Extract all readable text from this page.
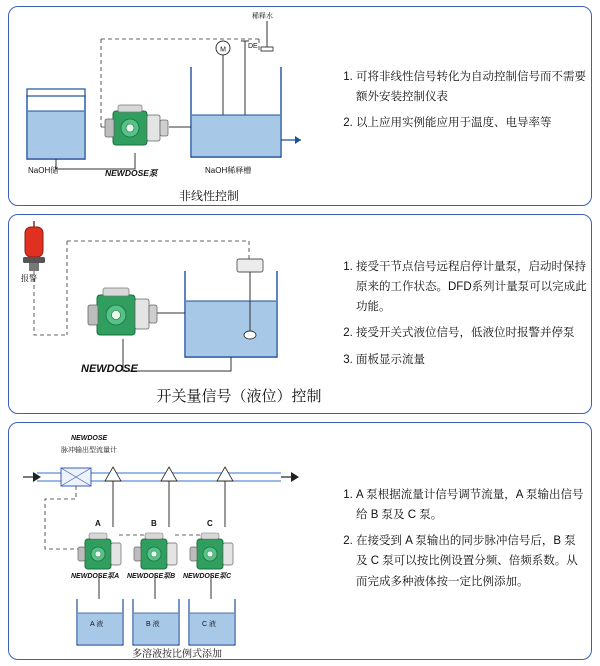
M
NaOH储	NEWDOSE泵	NaOH稀释槽
稀释水
DE
非线性控制
1. 可将非线性信号转化为自动控制信号而不需要额外安装控制仪表
2. 以上应用实例能应用于温度、电导率等
报警
NEWDOSE
开关量信号（液位）控制
1. 接受干节点信号远程启停计量泵，启动时保持原来的工作状态。DFD系列计量泵可以完成此功能。
2. 接受开关式液位信号，低液位时报警并停泵
3. 面板显示流量
NEWDOSE
脉冲输出型流量计
A	B	C
NEWDOSE泵A NEWDOSE泵B NEWDOSE泵C
A 液	B 液	C 液
多溶液按比例式添加
1. A 泵根据流量计信号调节流量，A 泵输出信号给 B 泵及 C 泵。
2. 在接受到 A 泵输出的同步脉冲信号后，B 泵及 C 泵可以按比例设置分频、倍频系数。从而完成多种液体按一定比例添加。
